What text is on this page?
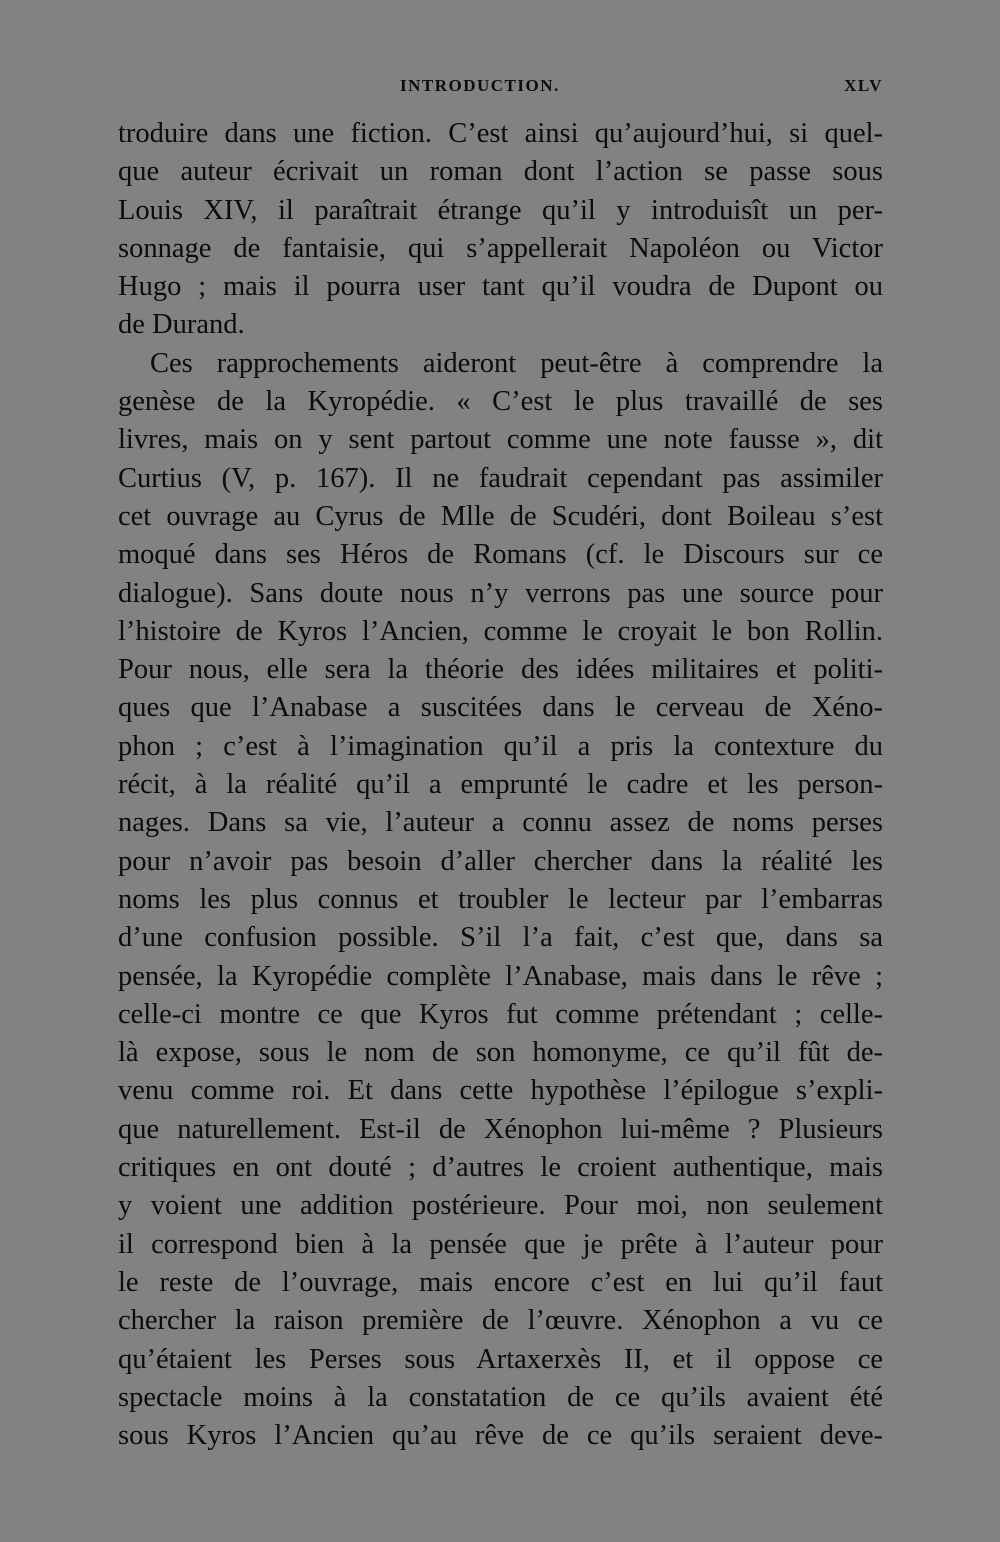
INTRODUCTION.	XLV
troduire dans une fiction. C’est ainsi qu’aujourd’hui, si quel-
que auteur écrivait un roman dont l’action se passe sous
Louis XIV, il paraîtrait étrange qu’il y introduisît un per-
sonnage de fantaisie, qui s’appellerait Napoléon ou Victor
Hugo ; mais il pourra user tant qu’il voudra de Dupont ou
de Durand.
Ces rapprochements aideront peut-être à comprendre la
genèse de la Kyropédie. « C’est le plus travaillé de ses
livres, mais on y sent partout comme une note fausse », dit
Curtius (V, p. 167). Il ne faudrait cependant pas assimiler
cet ouvrage au Cyrus de Mlle de Scudéri, dont Boileau s’est
moqué dans ses Héros de Romans (cf. le Discours sur ce
dialogue). Sans doute nous n’y verrons pas une source pour
l’histoire de Kyros l’Ancien, comme le croyait le bon Rollin.
Pour nous, elle sera la théorie des idées militaires et politi-
ques que l’Anabase a suscitées dans le cerveau de Xéno-
phon ; c’est à l’imagination qu’il a pris la contexture du
récit, à la réalité qu’il a emprunté le cadre et les person-
nages. Dans sa vie, l’auteur a connu assez de noms perses
pour n’avoir pas besoin d’aller chercher dans la réalité les
noms les plus connus et troubler le lecteur par l’embarras
d’une confusion possible. S’il l’a fait, c’est que, dans sa
pensée, la Kyropédie complète l’Anabase, mais dans le rêve ;
celle-ci montre ce que Kyros fut comme prétendant ; celle-
là expose, sous le nom de son homonyme, ce qu’il fût de-
venu comme roi. Et dans cette hypothèse l’épilogue s’expli-
que naturellement. Est-il de Xénophon lui-même ? Plusieurs
critiques en ont douté ; d’autres le croient authentique, mais
y voient une addition postérieure. Pour moi, non seulement
il correspond bien à la pensée que je prête à l’auteur pour
le reste de l’ouvrage, mais encore c’est en lui qu’il faut
chercher la raison première de l’œuvre. Xénophon a vu ce
qu’étaient les Perses sous Artaxerxès II, et il oppose ce
spectacle moins à la constatation de ce qu’ils avaient été
sous Kyros l’Ancien qu’au rêve de ce qu’ils seraient deve-
